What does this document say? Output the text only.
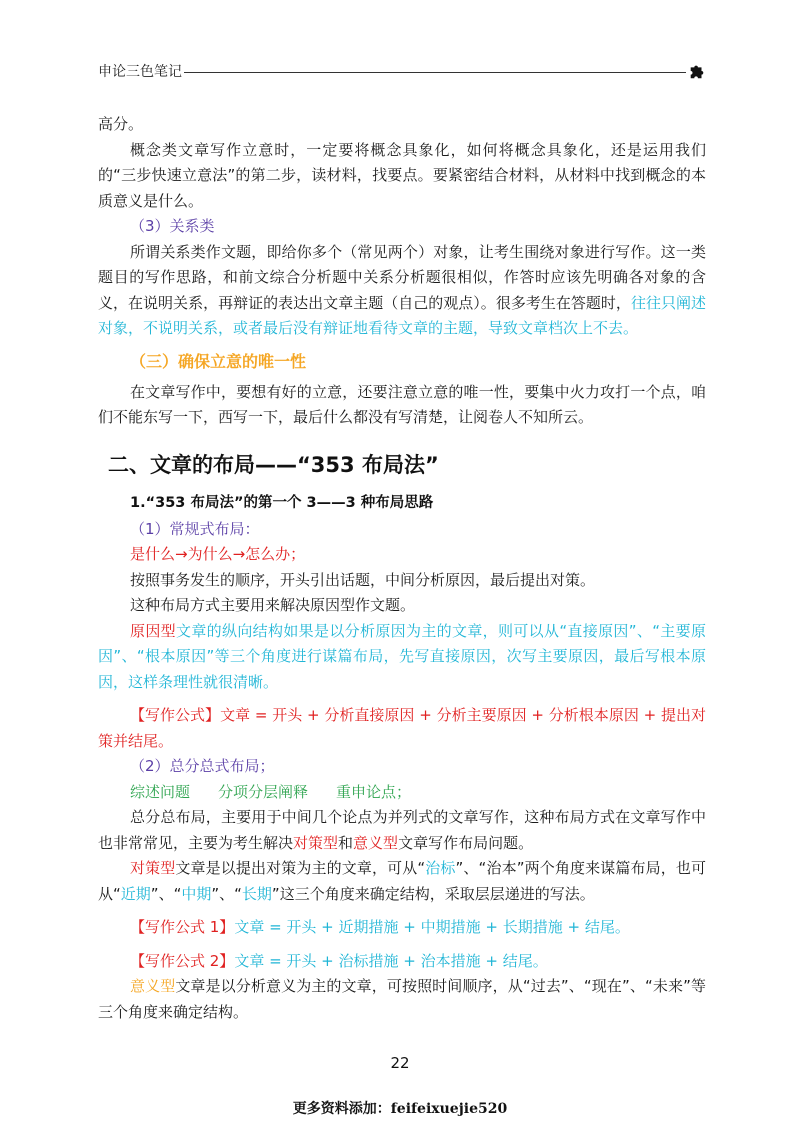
申论三色笔记

高分。

概念类文章写作立意时，一定要将概念具象化，如何将概念具象化，还是运用我们的“三步快速立意法”的第二步，读材料，找要点。要紧密结合材料，从材料中找到概念的本质意义是什么。

（3）关系类

所谓关系类作文题，即给你多个（常见两个）对象，让考生围绕对象进行写作。这一类题目的写作思路，和前文综合分析题中关系分析题很相似，作答时应该先明确各对象的含义，在说明关系，再辩证的表达出文章主题（自己的观点）。很多考生在答题时，往往只阐述对象，不说明关系，或者最后没有辩证地看待文章的主题，导致文章档次上不去。

（三）确保立意的唯一性

在文章写作中，要想有好的立意，还要注意立意的唯一性，要集中火力攻打一个点，咱们不能东写一下，西写一下，最后什么都没有写清楚，让阅卷人不知所云。

二、文章的布局——“353 布局法”

1.“353 布局法”的第一个 3——3 种布局思路

（1）常规式布局：

是什么→为什么→怎么办；

按照事务发生的顺序，开头引出话题，中间分析原因，最后提出对策。

这种布局方式主要用来解决原因型作文题。

原因型文章的纵向结构如果是以分析原因为主的文章，则可以从“直接原因”、“主要原因”、“根本原因”等三个角度进行谋篇布局，先写直接原因，次写主要原因，最后写根本原因，这样条理性就很清晰。

【写作公式】文章 = 开头 + 分析直接原因 + 分析主要原因 + 分析根本原因 + 提出对策并结尾。

（2）总分总式布局；

综述问题 分项分层阐释 重申论点；

总分总布局，主要用于中间几个论点为并列式的文章写作，这种布局方式在文章写作中也非常常见，主要为考生解决对策型和意义型文章写作布局问题。

对策型文章是以提出对策为主的文章，可从“治标”、“治本”两个角度来谋篇布局，也可从“近期”、“中期”、“长期”这三个角度来确定结构，采取层层递进的写法。

【写作公式 1】文章 = 开头 + 近期措施 + 中期措施 + 长期措施 + 结尾。

【写作公式 2】文章 = 开头 + 治标措施 + 治本措施 + 结尾。

意义型文章是以分析意义为主的文章，可按照时间顺序，从“过去”、“现在”、“未来”等三个角度来确定结构。

22
更多资料添加：feifeixuejie520
